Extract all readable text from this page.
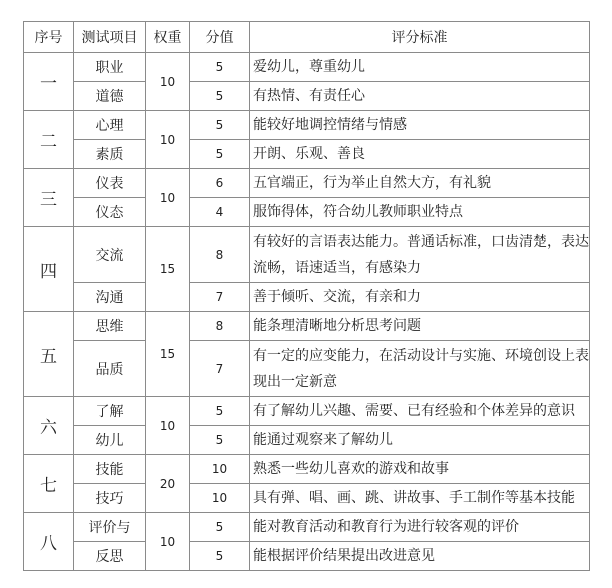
序号	测试项目	权重	分值	评分标准
一	职业	10	5	爱幼儿，尊重幼儿
	道德		5	有热情、有责任心
二	心理	10	5	能较好地调控情绪与情感
	素质		5	开朗、乐观、善良
三	仪表	10	6	五官端正，行为举止自然大方，有礼貌
	仪态		4	服饰得体，符合幼儿教师职业特点
四	交流	15	8	有较好的言语表达能力。普通话标准，口齿清楚，表达流畅，语速适当，有感染力
	沟通		7	善于倾听、交流，有亲和力
五	思维	15	8	能条理清晰地分析思考问题
	品质		7	有一定的应变能力，在活动设计与实施、环境创设上表现出一定新意
六	了解	10	5	有了解幼儿兴趣、需要、已有经验和个体差异的意识
	幼儿		5	能通过观察来了解幼儿
七	技能	20	10	熟悉一些幼儿喜欢的游戏和故事
	技巧		10	具有弹、唱、画、跳、讲故事、手工制作等基本技能
八	评价与	10	5	能对教育活动和教育行为进行较客观的评价
	反思		5	能根据评价结果提出改进意见
